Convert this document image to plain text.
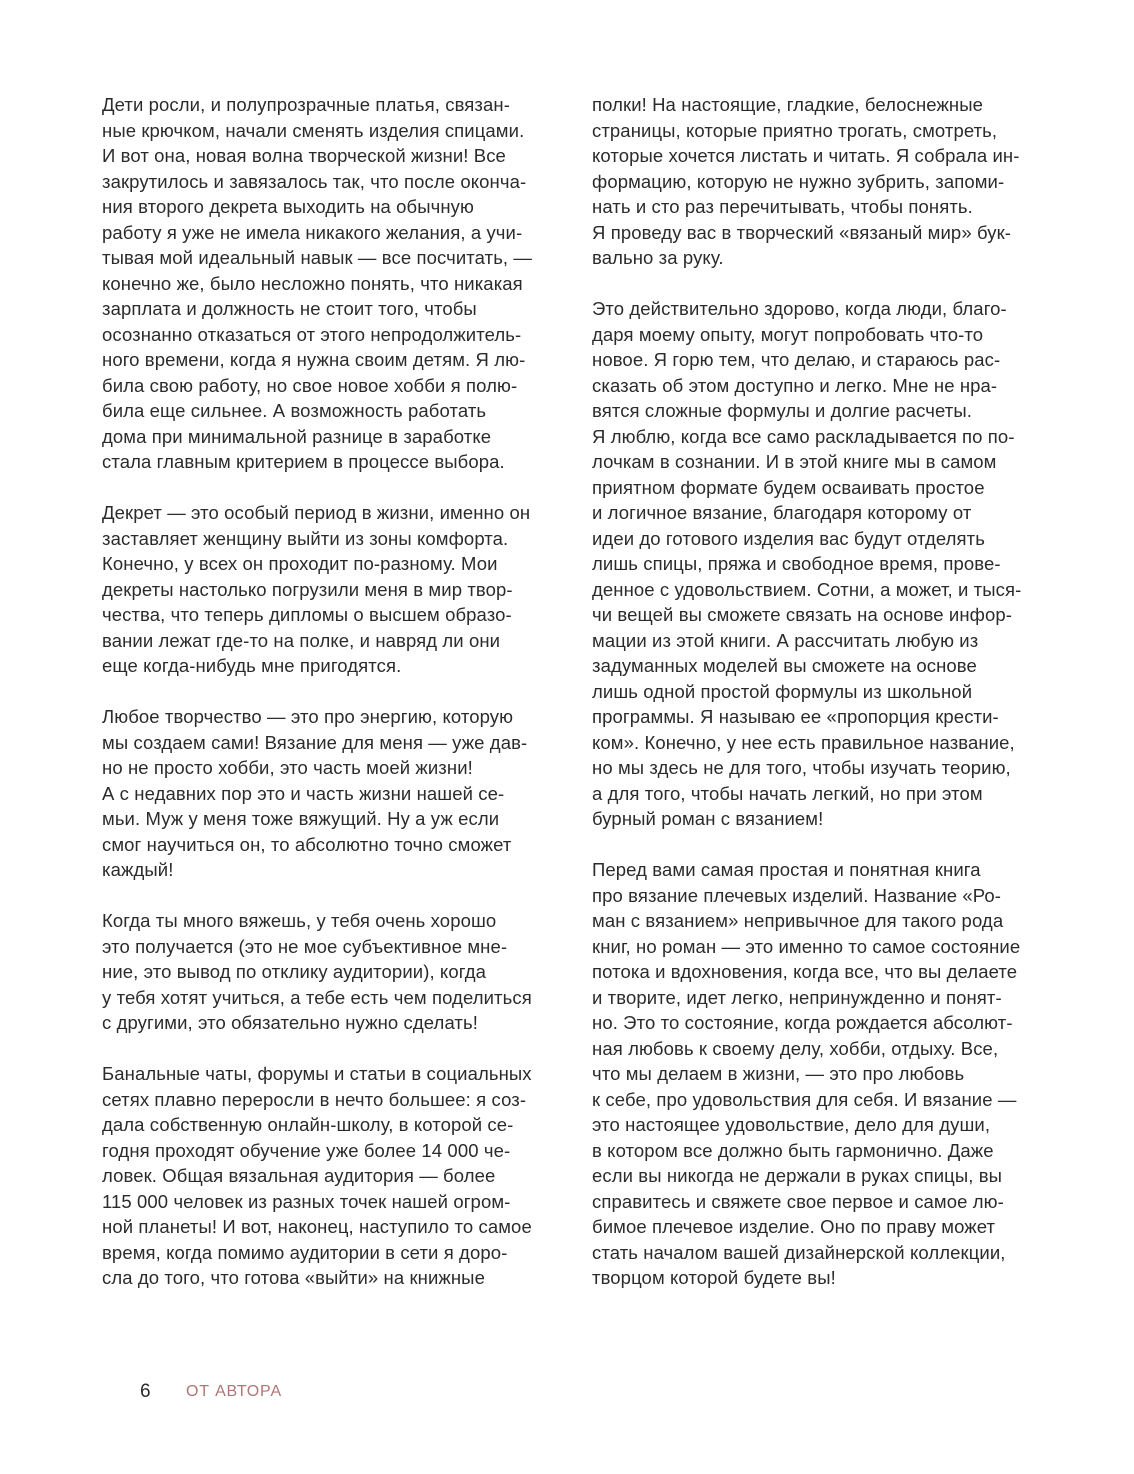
Дети росли, и полупрозрачные платья, связан-
ные крючком, начали сменять изделия спицами.
И вот она, новая волна творческой жизни! Все
закрутилось и завязалось так, что после оконча-
ния второго декрета выходить на обычную
работу я уже не имела никакого желания, а учи-
тывая мой идеальный навык — все посчитать, —
конечно же, было несложно понять, что никакая
зарплата и должность не стоит того, чтобы
осознанно отказаться от этого непродолжитель-
ного времени, когда я нужна своим детям. Я лю-
била свою работу, но свое новое хобби я полю-
била еще сильнее. А возможность работать
дома при минимальной разнице в заработке
стала главным критерием в процессе выбора.
Декрет — это особый период в жизни, именно он
заставляет женщину выйти из зоны комфорта.
Конечно, у всех он проходит по-разному. Мои
декреты настолько погрузили меня в мир твор-
чества, что теперь дипломы о высшем образо-
вании лежат где-то на полке, и навряд ли они
еще когда-нибудь мне пригодятся.
Любое творчество — это про энергию, которую
мы создаем сами! Вязание для меня — уже дав-
но не просто хобби, это часть моей жизни!
А с недавних пор это и часть жизни нашей се-
мьи. Муж у меня тоже вяжущий. Ну а уж если
смог научиться он, то абсолютно точно сможет
каждый!
Когда ты много вяжешь, у тебя очень хорошо
это получается (это не мое субъективное мне-
ние, это вывод по отклику аудитории), когда
у тебя хотят учиться, а тебе есть чем поделиться
с другими, это обязательно нужно сделать!
Банальные чаты, форумы и статьи в социальных
сетях плавно переросли в нечто большее: я соз-
дала собственную онлайн-школу, в которой се-
годня проходят обучение уже более 14 000 че-
ловек. Общая вязальная аудитория — более
115 000 человек из разных точек нашей огром-
ной планеты! И вот, наконец, наступило то самое
время, когда помимо аудитории в сети я доро-
сла до того, что готова «выйти» на книжные
полки! На настоящие, гладкие, белоснежные
страницы, которые приятно трогать, смотреть,
которые хочется листать и читать. Я собрала ин-
формацию, которую не нужно зубрить, запоми-
нать и сто раз перечитывать, чтобы понять.
Я проведу вас в творческий «вязаный мир» бук-
вально за руку.
Это действительно здорово, когда люди, благо-
даря моему опыту, могут попробовать что-то
новое. Я горю тем, что делаю, и стараюсь рас-
сказать об этом доступно и легко. Мне не нра-
вятся сложные формулы и долгие расчеты.
Я люблю, когда все само раскладывается по по-
лочкам в сознании. И в этой книге мы в самом
приятном формате будем осваивать простое
и логичное вязание, благодаря которому от
идеи до готового изделия вас будут отделять
лишь спицы, пряжа и свободное время, прове-
денное с удовольствием. Сотни, а может, и тыся-
чи вещей вы сможете связать на основе инфор-
мации из этой книги. А рассчитать любую из
задуманных моделей вы сможете на основе
лишь одной простой формулы из школьной
программы. Я называю ее «пропорция крести-
ком». Конечно, у нее есть правильное название,
но мы здесь не для того, чтобы изучать теорию,
а для того, чтобы начать легкий, но при этом
бурный роман с вязанием!
Перед вами самая простая и понятная книга
про вязание плечевых изделий. Название «Ро-
ман с вязанием» непривычное для такого рода
книг, но роман — это именно то самое состояние
потока и вдохновения, когда все, что вы делаете
и творите, идет легко, непринужденно и понят-
но. Это то состояние, когда рождается абсолют-
ная любовь к своему делу, хобби, отдыху. Все,
что мы делаем в жизни, — это про любовь
к себе, про удовольствия для себя. И вязание —
это настоящее удовольствие, дело для души,
в котором все должно быть гармонично. Даже
если вы никогда не держали в руках спицы, вы
справитесь и свяжете свое первое и самое лю-
бимое плечевое изделие. Оно по праву может
стать началом вашей дизайнерской коллекции,
творцом которой будете вы!
6	ОТ АВТОРА
